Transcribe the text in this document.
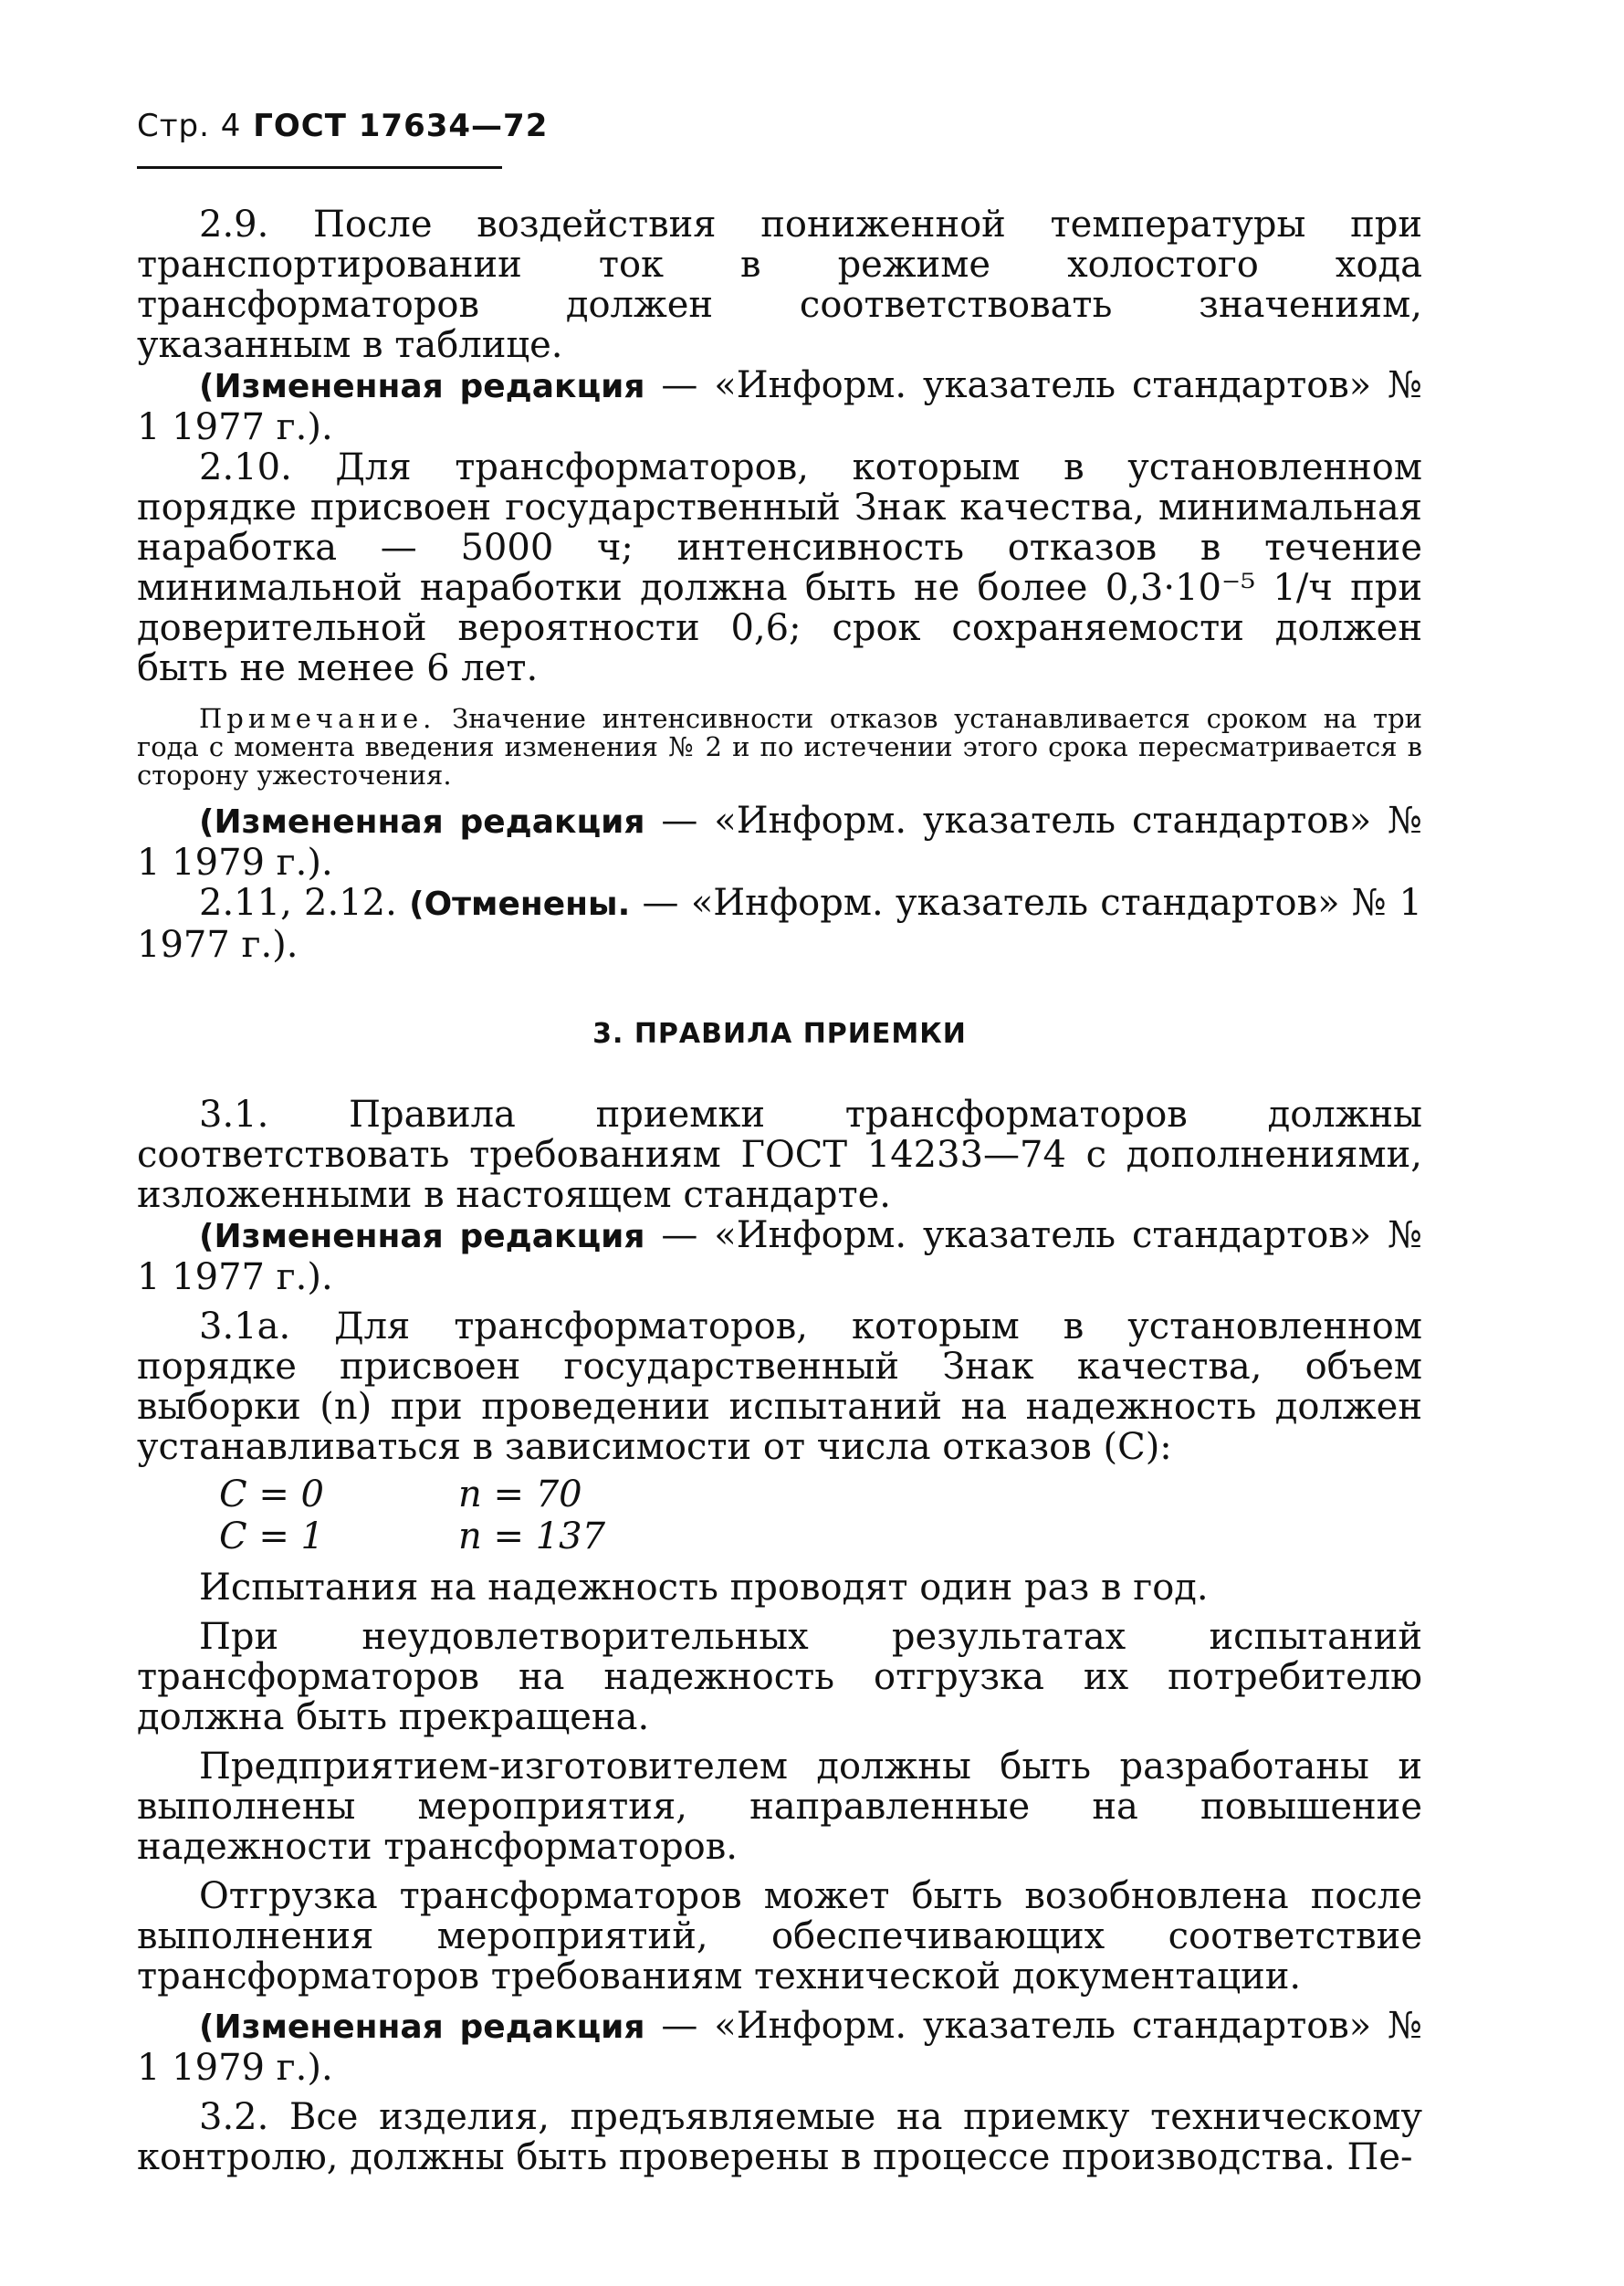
Стр. 4 ГОСТ 17634—72

2.9. После воздействия пониженной температуры при транспортировании ток в режиме холостого хода трансформаторов должен соответствовать значениям, указанным в таблице.

(Измененная редакция — «Информ. указатель стандартов» № 1 1977 г.).

2.10. Для трансформаторов, которым в установленном порядке присвоен государственный Знак качества, минимальная наработка — 5000 ч; интенсивность отказов в течение минимальной наработки должна быть не более 0,3·10⁻⁵ 1/ч при доверительной вероятности 0,6; срок сохраняемости должен быть не менее 6 лет.

Примечание. Значение интенсивности отказов устанавливается сроком на три года с момента введения изменения № 2 и по истечении этого срока пересматривается в сторону ужесточения.

(Измененная редакция — «Информ. указатель стандартов» № 1 1979 г.).

2.11, 2.12. (Отменены. — «Информ. указатель стандартов» № 1 1977 г.).

3. ПРАВИЛА ПРИЕМКИ

3.1. Правила приемки трансформаторов должны соответствовать требованиям ГОСТ 14233—74 с дополнениями, изложенными в настоящем стандарте.

(Измененная редакция — «Информ. указатель стандартов» № 1 1977 г.).

3.1а. Для трансформаторов, которым в установленном порядке присвоен государственный Знак качества, объем выборки (n) при проведении испытаний на надежность должен устанавливаться в зависимости от числа отказов (C):

C = 0	n = 70
C = 1	n = 137

Испытания на надежность проводят один раз в год.

При неудовлетворительных результатах испытаний трансформаторов на надежность отгрузка их потребителю должна быть прекращена.

Предприятием-изготовителем должны быть разработаны и выполнены мероприятия, направленные на повышение надежности трансформаторов.

Отгрузка трансформаторов может быть возобновлена после выполнения мероприятий, обеспечивающих соответствие трансформаторов требованиям технической документации.

(Измененная редакция — «Информ. указатель стандартов» № 1 1979 г.).

3.2. Все изделия, предъявляемые на приемку техническому контролю, должны быть проверены в процессе производства. Пе-
